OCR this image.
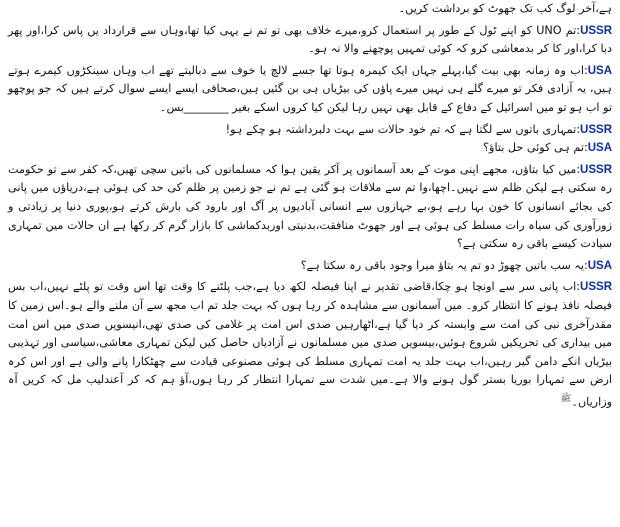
ہے،آخر لوگ کب تک جھوٹ کو برداشت کریں۔

USSR:تم UNO کو اپنے ٹول کے طور پر استعمال کرو،میرے خلاف بھی تو تم نے یہی کیا تھا،وہاں سے قرارداد یں پاس کرا،اور پھر دبا کرا،اور کا کر بدمعاشی کرو کہ کوئی تمہیں پوچھنے والا نہ ہو۔

USA:اب وہ زمانہ بھی بیت گیا،پہلے جہاں ایک کیمرہ ہوتا تھا جسے لالچ یا خوف سے دبالیتے تھے اب وہاں سینکڑوں کیمرے ہوتے ہیں، یہ آزادی فکر تو میرے گلے ہی نہیں میرے پاؤں کی بیڑیاں ہی بن گئیں ہیں،صحافی ایسے ایسے سوال کرتے ہیں کہ جو پوچھو تو اب ہو تو میں اسرائیل کے دفاع کے قابل بھی نہیں رہا لیکن کیا کروں اسکے بغیر ________بس۔

USSR:تمہاری باتوں سے لگتا ہے کہ تم خود حالات سے بہت دلبرداشتہ ہو چکے ہو!

USA:تم ہی کوئی حل بتاؤ؟

USSR:میں کیا بتاؤں، مجھے اپنی موت کے بعد آسمانوں پر آکر یقین ہوا کہ مسلمانوں کی باتیں سچی تھیں،کہ کفر سے تو حکومت رہ سکتی ہے لیکن ظلم سے نہیں۔اچھا،وا تم سے ملاقات ہو گئی ہے تم نے جو زمین پر ظلم کی حد کی ہوئی ہے،دریاؤں میں پانی کی بجائے انسانوں کا خون بہا رہے ہو،بے جہازوں سے انسانی آبادیوں پر آگ اور بارود کی بارش کرتے ہو،پوری دنیا پر زیادتی و زورآوری کی سیاہ رات مسلط کی ہوئی ہے اور جھوٹ منافقت،بدنیتی اوربدکماشی کا بازار گرم کر رکھا ہے ان حالات میں تمہاری سیادت کیسے باقی رہ سکتی ہے؟

USA:یہ سب باتیں چھوڑ دو تم یہ بتاؤ میرا وجود باقی رہ سکتا ہے؟

USSR:اب پانی سر سے اونچا ہو چکا،قاضی تقدیر نے اپنا فیصلہ لکھ دیا ہے،جب پلٹنے کا وقت تھا اس وقت تو پلٹے نہیں،اب بس فیصلہ نافذ ہونے کا انتظار کرو۔ میں آسمانوں سے مشاہدہ کر رہا ہوں کہ بہت جلد تم اب مجھ سے آن ملنے والے ہو۔اس زمین کا مقدرآخری نبی کی امت سے وابستہ کر دیا گیا ہے،اٹھارہیں صدی اس امت پر غلامی کی صدی تھی،انیسویں صدی میں اس امت میں بیداری کی تحریکیں شروع ہوئیں،بیسویں صدی میں مسلمانوں نے آزادیاں حاصل کیں لیکن تمہاری معاشی،سیاسی اور تہذیبی بیڑیاں انکے دامن گیر رہیں،اب بہت جلد یہ امت تمہاری مسلط کی ہوئی مصنوعی قیادت سے چھٹکارا پانے والی ہے اور اس کرہ ارض سے تمہارا بوریا بستر گول ہونے والا ہے۔میں شدت سے تمہارا انتظار کر رہا ہوں،آؤ ہم کہ کر آعندلیب مل کہ کریں آہ وزاریاں۔$^ﷺ$
